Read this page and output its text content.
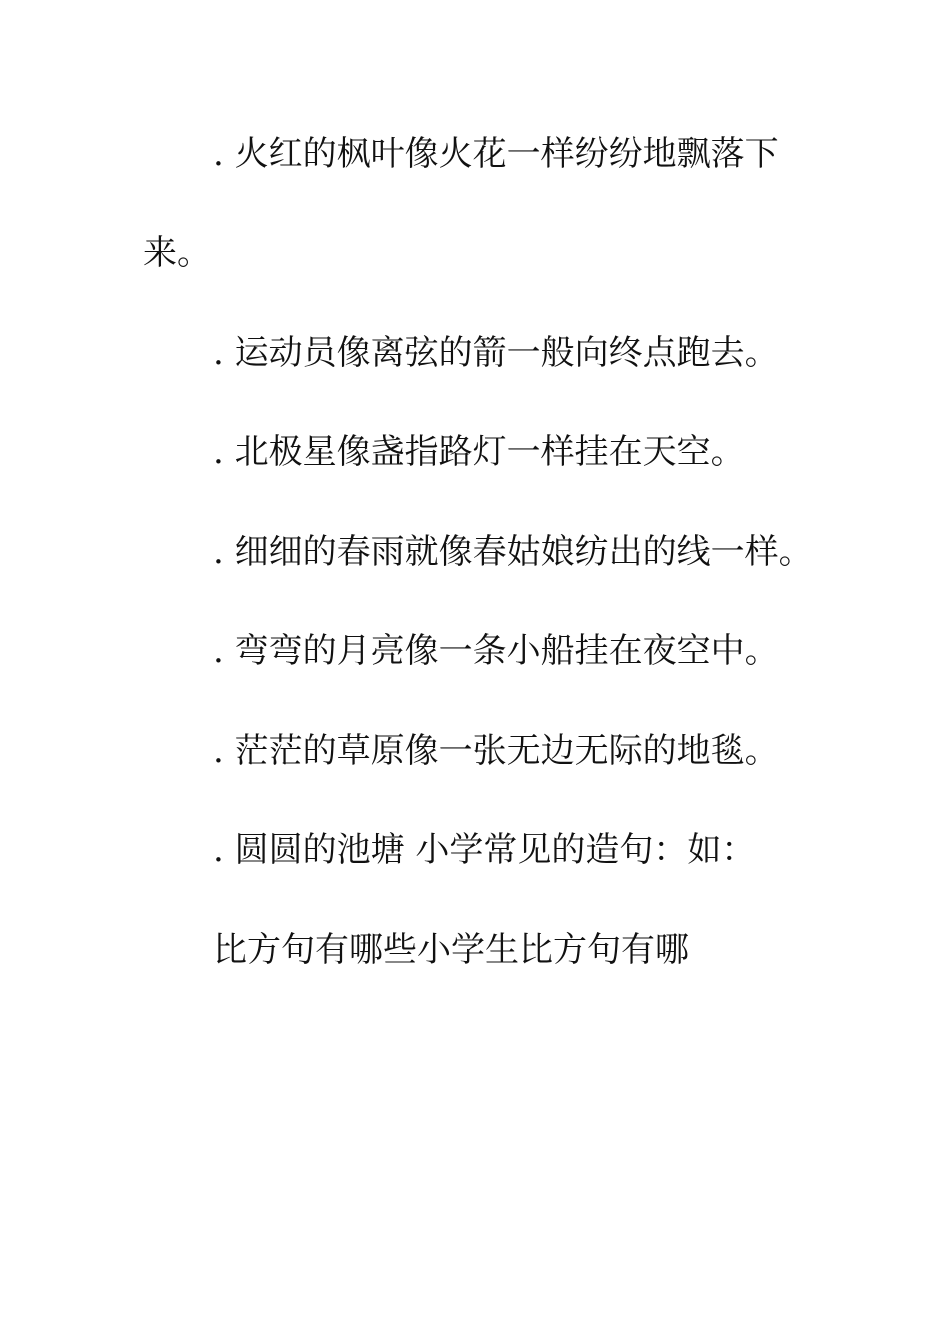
. 火红的枫叶像火花一样纷纷地飘落下
来。
. 运动员像离弦的箭一般向终点跑去。
. 北极星像盏指路灯一样挂在天空。
. 细细的春雨就像春姑娘纺出的线一样。
. 弯弯的月亮像一条小船挂在夜空中。
. 茫茫的草原像一张无边无际的地毯。
. 圆圆的池塘 小学常见的造句：如：
比方句有哪些小学生比方句有哪
